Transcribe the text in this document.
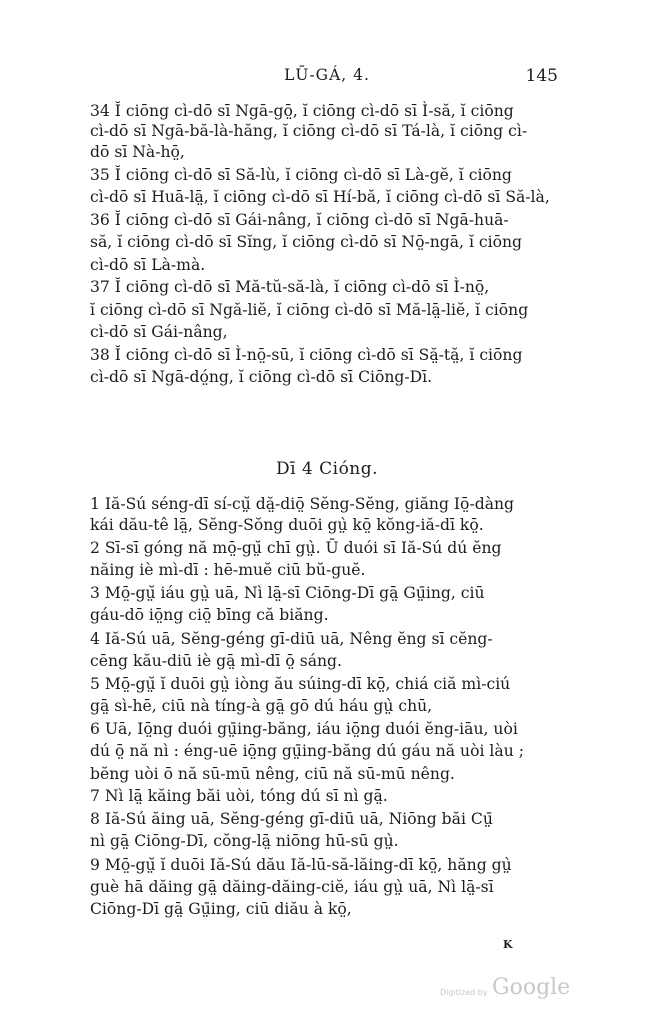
LŪ-GÁ, 4.	145
34 Ĭ ciōng cì-dō sī Ngā-gō̤, ĭ ciōng cì-dō sī Ì-să, ĭ ciōng
cì-dō sī Ngā-bă-là-hăng, ĭ ciōng cì-dō sī Tá-là, ĭ ciōng cì-
dō sī Nà-hō̤,
35 Ĭ ciōng cì-dō sī Să-lù, ĭ ciōng cì-dō sī Là-gĕ, ĭ ciōng
cì-dō sī Huā-lā̤, ĭ ciōng cì-dō sī Hí-bă, ĭ ciōng cì-dō sī Să-là,
36 Ĭ ciōng cì-dō sī Gái-nâng, ĭ ciōng cì-dō sī Ngā-huā-
să, ĭ ciōng cì-dō sī Sĭng, ĭ ciōng cì-dō sī Nō̤-ngā, ĭ ciōng
cì-dō sī Là-mà.
37 Ĭ ciōng cì-dō sī Mă-tŭ-să-là, ĭ ciōng cì-dō sī Ì-nō̤,
ĭ ciōng cì-dō sī Ngă-liĕ, ĭ ciōng cì-dō sī Mă-lā̤-liĕ, ĭ ciōng
cì-dō sī Gái-nâng,
38 Ĭ ciōng cì-dō sī Ì-nō̤-sū, ĭ ciōng cì-dō sī Să̤-tă̤, ĭ ciōng
cì-dō sī Ngā-dó̤ng, ĭ ciōng cì-dō sī Ciōng-Dī.
Dī 4 Cióng.
1 Iă-Sú séng-dī sí-cṳ̆ dă̤-diō̤ Sĕng-Sĕng, giăng Iō̤-dàng
kái dău-tê lā̤, Sĕng-Sŏng duōi gṳ̀ kō̤ kŏng-iă-dī kō̤.
2 Sī-sī góng nă mō̤-gṳ̆ chī gṳ̀. Ū duói sī Iă-Sú dú ĕng
năing iè mì-dī : hē-muĕ ciū bŭ-guĕ.
3 Mō̤-gṳ̆ iáu gṳ̀ uā, Nì lā̤-sī Ciōng-Dī gā̤ Gṳ̄ing, ciū
gáu-dō iō̤ng ciō̤ bīng că biăng.
4 Iă-Sú uā, Sĕng-géng gī-diū uā, Nêng ĕng sī cĕng-
cēng kău-diū iè gā̤ mì-dī ō̤ sáng.
5 Mō̤-gṳ̆ ĭ duōi gṳ̀ iòng ău súing-dī kō̤, chiá ciă mì-ciú
gā̤ sì-hē, ciū nà tíng-à gā̤ gō dú háu gṳ̀ chū,
6 Uā, Iō̤ng duói gṳ̄ing-băng, iáu iō̤ng duói ĕng-iāu, uòi
dú ō̤ nă nì : éng-uē iō̤ng gṳ̄ing-băng dú gáu nă uòi làu ;
bĕng uòi ō nă sū-mū nêng, ciū nă sū-mū nêng.
7 Nì lā̤ kăing băi uòi, tóng dú sī nì gā̤.
8 Iă-Sú ăing uā, Sĕng-géng gī-diū uā, Niōng băi Cṳ̄
nì gā̤ Ciōng-Dī, cŏng-lā̤ niōng hū-sū gṳ̀.
9 Mō̤-gṳ̆ ĭ duōi Iă-Sú dău Iă-lū-să-lăing-dī kō̤, hăng gṳ̀
guè hā dăing gā̤ dăing-dăing-ciĕ, iáu gṳ̀ uā, Nì lā̤-sī
Ciōng-Dī gā̤ Gṳ̄ing, ciū diău à kō̤,
K
Digitized by Google
